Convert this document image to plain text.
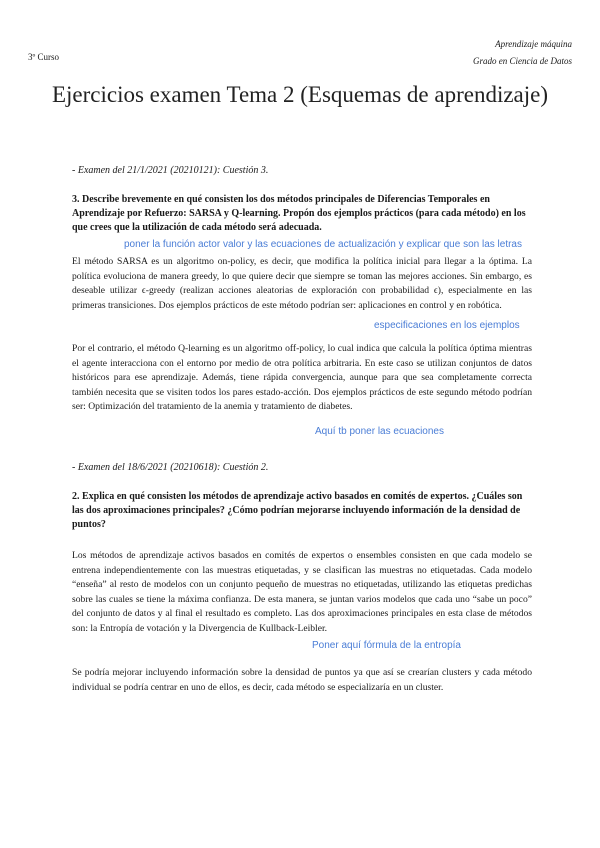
3º Curso
Aprendizaje máquina
Grado en Ciencia de Datos
Ejercicios examen Tema 2 (Esquemas de aprendizaje)
- Examen del 21/1/2021 (20210121): Cuestión 3.
3. Describe brevemente en qué consisten los dos métodos principales de Diferencias Temporales en Aprendizaje por Refuerzo: SARSA y Q-learning. Propón dos ejemplos prácticos (para cada método) en los que crees que la utilización de cada método será adecuada.
poner la función actor valor y las ecuaciones de actualización y explicar que son las letras
El método SARSA es un algoritmo on-policy, es decir, que modifica la política inicial para llegar a la óptima. La política evoluciona de manera greedy, lo que quiere decir que siempre se toman las mejores acciones. Sin embargo, es deseable utilizar ϵ-greedy (realizan acciones aleatorias de exploración con probabilidad ϵ), especialmente en las primeras transiciones. Dos ejemplos prácticos de este método podrían ser: aplicaciones en control y en robótica.
especificaciones en los ejemplos
Por el contrario, el método Q-learning es un algoritmo off-policy, lo cual indica que calcula la política óptima mientras el agente interacciona con el entorno por medio de otra política arbitraria. En este caso se utilizan conjuntos de datos históricos para ese aprendizaje. Además, tiene rápida convergencia, aunque para que sea completamente correcta también necesita que se visiten todos los pares estado-acción. Dos ejemplos prácticos de este segundo método podrían ser: Optimización del tratamiento de la anemia y tratamiento de diabetes.
Aquí tb poner las ecuaciones
- Examen del 18/6/2021 (20210618): Cuestión 2.
2. Explica en qué consisten los métodos de aprendizaje activo basados en comités de expertos. ¿Cuáles son las dos aproximaciones principales? ¿Cómo podrían mejorarse incluyendo información de la densidad de puntos?
Los métodos de aprendizaje activos basados en comités de expertos o ensembles consisten en que cada modelo se entrena independientemente con las muestras etiquetadas, y se clasifican las muestras no etiquetadas. Cada modelo “enseña” al resto de modelos con un conjunto pequeño de muestras no etiquetadas, utilizando las etiquetas predichas sobre las cuales se tiene la máxima confianza. De esta manera, se juntan varios modelos que cada uno “sabe un poco” del conjunto de datos y al final el resultado es completo. Las dos aproximaciones principales en esta clase de métodos son: la Entropía de votación y la Divergencia de Kullback-Leibler.
Poner aquí fórmula de la entropía
Se podría mejorar incluyendo información sobre la densidad de puntos ya que así se crearían clusters y cada método individual se podría centrar en uno de ellos, es decir, cada método se especializaría en un cluster.
